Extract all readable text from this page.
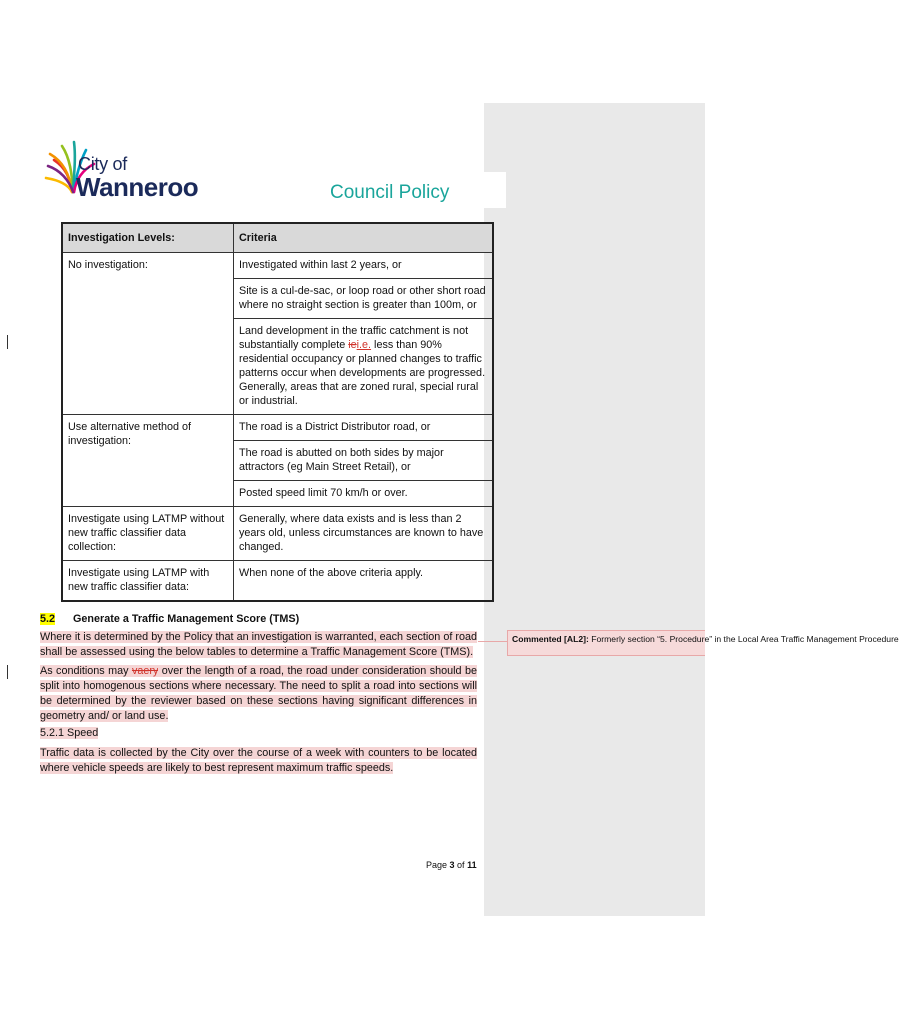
City of
Wanneroo	Council Policy
Investigation Levels:	Criteria
No investigation:	Investigated within last 2 years, or
	Site is a cul-de-sac, or loop road or other short road where no straight section is greater than 100m, or
	Land development in the traffic catchment is not substantially complete iei.e. less than 90% residential occupancy or planned changes to traffic patterns occur when developments are progressed. Generally, areas that are zoned rural, special rural or industrial.
Use alternative method of investigation:	The road is a District Distributor road, or
	The road is abutted on both sides by major attractors (eg Main Street Retail), or
	Posted speed limit 70 km/h or over.
Investigate using LATMP without new traffic classifier data collection:	Generally, where data exists and is less than 2 years old, unless circumstances are known to have changed.
Investigate using LATMP with new traffic classifier data:	When none of the above criteria apply.
5.2 Generate a Traffic Management Score (TMS)
Where it is determined by the Policy that an investigation is warranted, each section of road shall be assessed using the below tables to determine a Traffic Management Score (TMS).
As conditions may vaery over the length of a road, the road under consideration should be split into homogenous sections where necessary. The need to split a road into sections will be determined by the reviewer based on these sections having significant differences in geometry and/ or land use.
5.2.1 Speed
Traffic data is collected by the City over the course of a week with counters to be located where vehicle speeds are likely to best represent maximum traffic speeds.
Commented [AL2]: Formerly section “5. Procedure” in the Local Area Traffic Management Procedure
Page 3 of 11
